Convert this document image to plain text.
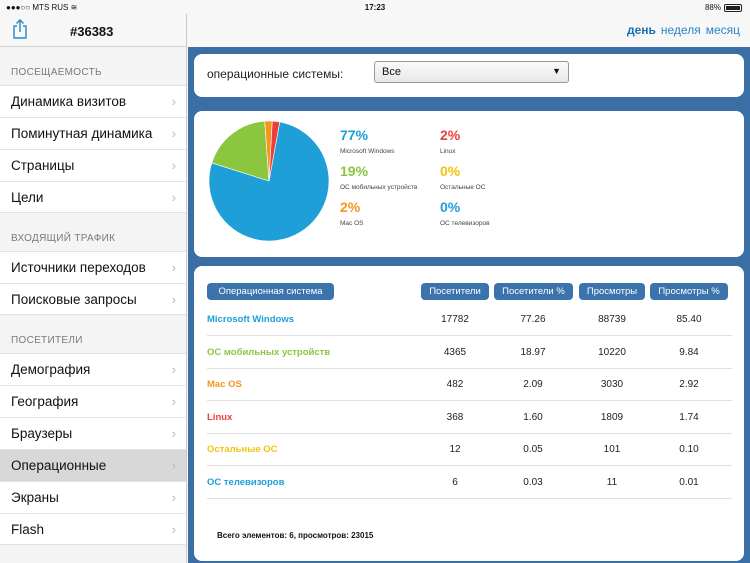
●●●○○ MTS RUS ≋	17:23	88%
#36383
ПОСЕЩАЕМОСТЬ
Динамика визитов	›
Поминутная динамика ›
Страницы	›
Цели	›
ВХОДЯЩИЙ ТРАФИК
Источники переходов ›
Поисковые запросы	›
ПОСЕТИТЕЛИ
Демография	›
География	›
Браузеры	›
Операционные	›
Экраны	›
Flash	›
день неделя месяц
операционные системы:	Все	▼
77%
Microsoft Windows
19%
ОС мобильных устройств
2%
Mac OS
2%
Linux
0%
Остальные ОС
0%
ОС телевизоров
Операционная система	Посетители	Посетители %	Просмотры	Просмотры %
Microsoft Windows	17782	77.26	88739	85.40
ОС мобильных устройств	4365	18.97	10220	9.84
Mac OS	482	2.09	3030	2.92
Linux	368	1.60	1809	1.74
Остальные ОС	12	0.05	101	0.10
ОС телевизоров	6	0.03	11	0.01
Всего элементов: 6, просмотров: 23015
